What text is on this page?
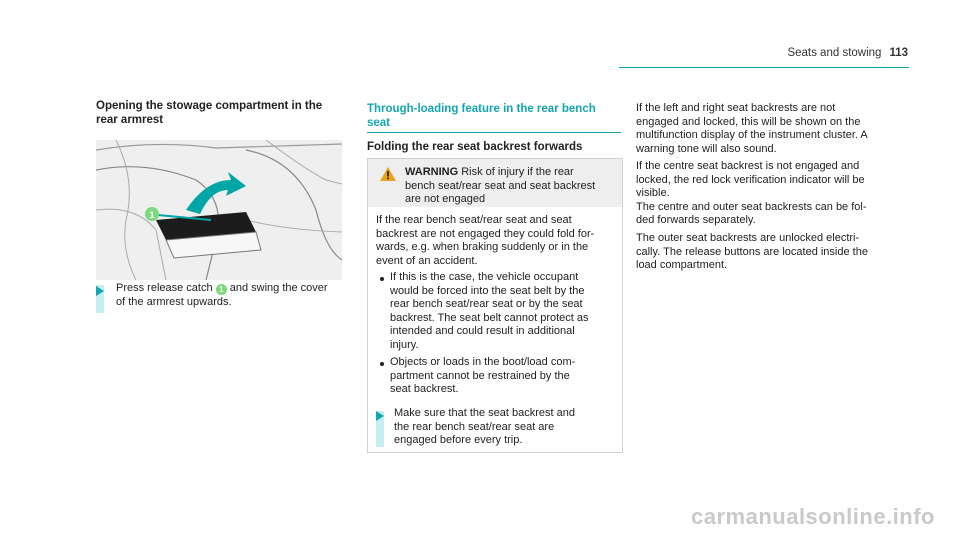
Seats and stowing 113
Opening the stowage compartment in the
rear armrest
1
Press release catch 1 and swing the cover
of the armrest upwards.
Through-loading feature in the rear bench
seat
Folding the rear seat backrest forwards
WARNING Risk of injury if the rear
bench seat/rear seat and seat backrest
are not engaged
If the rear bench seat/rear seat and seat
backrest are not engaged they could fold for-
wards, e.g. when braking suddenly or in the
event of an accident.
If this is the case, the vehicle occupant
would be forced into the seat belt by the
rear bench seat/rear seat or by the seat
backrest. The seat belt cannot protect as
intended and could result in additional
injury.
Objects or loads in the boot/load com-
partment cannot be restrained by the
seat backrest.
Make sure that the seat backrest and
the rear bench seat/rear seat are
engaged before every trip.
If the left and right seat backrests are not
engaged and locked, this will be shown on the
multifunction display of the instrument cluster. A
warning tone will also sound.
If the centre seat backrest is not engaged and
locked, the red lock verification indicator will be
visible.
The centre and outer seat backrests can be fol-
ded forwards separately.
The outer seat backrests are unlocked electri-
cally. The release buttons are located inside the
load compartment.
carmanualsonline.info
